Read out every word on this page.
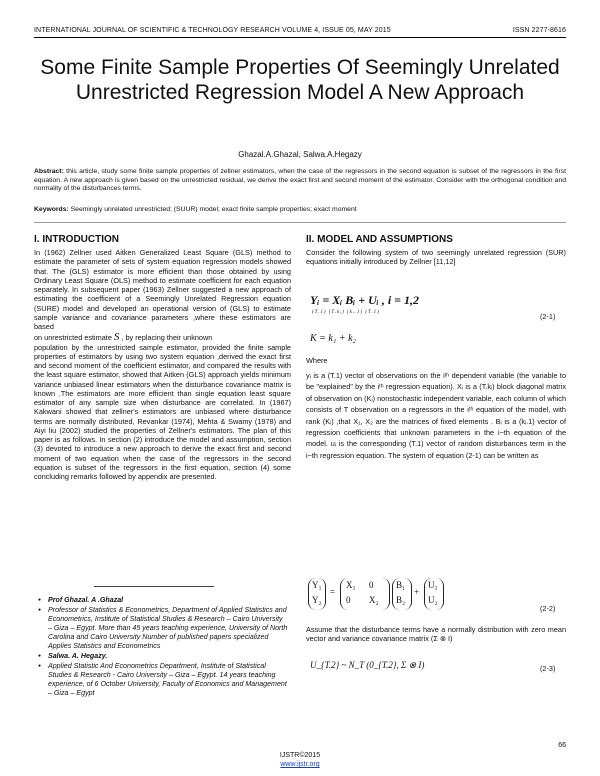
INTERNATIONAL JOURNAL OF SCIENTIFIC & TECHNOLOGY RESEARCH VOLUME 4, ISSUE 05, MAY 2015	ISSN 2277-8616
Some Finite Sample Properties Of Seemingly Unrelated Unrestricted Regression Model A New Approach
Ghazal.A.Ghazal, Salwa.A.Hegazy
Abstract: this article, study some finite sample properties of zellner estimators, when the case of the regressors in the second equation is subset of the regressors in the first equation. A new approach is given based on the unrestricted residual, we derive the exact first and second moment of the estimator. Consider with the orthogonal condition and normality of the disturbances terms.
Keywords: Seemingly unrelated unrestricted; (SUUR) model; exact finite sample properties; exact moment
I. INTRODUCTION

In (1962) Zellner used Aitken Generalized Least Square (GLS) method to estimate the parameter of sets of system equation regression models showed that. The (GLS) estimator is more efficient than those obtained by using Ordinary Least Square (OLS) method to estimate coefficient for each equation separately. In subsequent paper (1963) Zellner suggested a new approach of estimating the coefficient of a Seemingly Unrelated Regression equation (SURE) model and developed an operational version of (GLS) to estimate sample variance and covariance parameters ,where these estimators are based

on unrestricted estimate S , by replacing their unknown

population by the unrestricted sample estimator, provided the finite sample properties of estimators by using two system equation ,derived the exact first and second moment of the coefficient estimator, and compared the results with the least square estimator, showed that Aitken (GLS) approach yields minimum variance unbiased linear estimators when the disturbance covariance matrix is known .The estimators are more efficient than single equation least square estimator of any sample size when disturbance are correlated. In (1967) Kakwani showed that zellner's estimators are unbiased where disturbance terms are normally distributed, Revankar (1974), Mehta & Swamy (1978) and Aiyi liu (2002) studied the properties of Zellner's estimators. The plan of this paper is as follows. In section (2) introduce the model and assumption, section (3) devoted to introduce a new approach to derive the exact first and second moment of two equation when the case of the regressors in the second equation is subset of the regressors in the first equation, section (4) some concluding remarks followed by appendix are presented.

● Prof Ghazal. A .Ghazal
● Professor of Statistics & Econometrics, Department of Applied Statistics and Econometrics, Institute of Statistical Studies & Research – Cairo University – Giza – Egypt. More than 45 years teaching experience, University of North Carolina and Cairo University Number of published papers specialized Applies Statistics and Econometrics
● Salwa. A. Hegazy.
● Applied Statistic And Econometrics Department, Institute of Statistical Studies & Research - Cairo University – Giza – Egypt. 14 years teaching experience, of 6 October University, Faculty of Economics and Management – Giza – Egypt
II. MODEL AND ASSUMPTIONS
Consider the following system of two seemingly unrelated regression (SUR) equations initially introduced by Zellner [11,12]
Yᵢ = Xᵢ Bᵢ + Uᵢ , i = 1,2
(T.1) (T.kᵢ) (kᵢ.1) (T.1)	(2-1)
K = k₁ + k₂
Where
yᵢ is a (T.1) vector of observations on the iᵗʰ dependent variable (the variable to be "explained" by the iᵗʰ regression equation). Xᵢ is a (T.kᵢ) block diagonal matrix of observation on (Kᵢ) nonstochastic independent variable, each column of which consists of T observation on a regressors in the iᵗʰ equation of the model, with rank (Kᵢ) ,that X₁, X₂ are the matrices of fixed elements . Bᵢ is a (kᵢ.1) vector of regression coefficients that unknown parameters in the i−th equation of the model. uᵢ is the corresponding (T.1) vector of random disturbances term in the i−th regression equation. The system of equation (2-1) can be written as
Y₁
Y₂
=
X₁ 0
0 X₂
B₁
B₂
+
U₁
U₂
(2-2)
Assume that the disturbance terms have a normally distribution with zero mean vector and variance covariance matrix (Σ ⊗ I)
U_{T.2} ~ N_T (0_{T.2}, Σ ⊗ I)	(2-3)
66
IJSTR©2015
www.ijstr.org
